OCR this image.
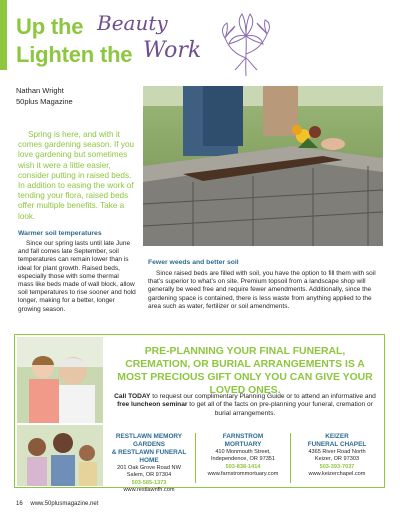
Up the Beauty
Lighten the Work
Nathan Wright
50plus Magazine

Spring is here, and with it comes gardening season. If you love gardening but sometimes wish it were a little easier, consider putting in raised beds. In addition to easing the work of tending your flora, raised beds offer multiple benefits. Take a look.

Warmer soil temperatures

Since our spring lasts until late June and fall comes late September, soil temperatures can remain lower than is ideal for plant growth. Raised beds, especially those with some thermal mass like beds made of wall block, allow soil temperatures to rise sooner and hold longer, making for a better, longer growing season.

Fewer weeds and better soil

Since raised beds are filled with soil, you have the option to fill them with soil that’s superior to what’s on site. Premium topsoil from a landscape shop will generally be weed free and require fewer amendments. Additionally, since the gardening space is contained, there is less waste from anything applied to the area such as water, fertilizer or soil amendments.

PRE-PLANNING YOUR FINAL FUNERAL, CREMATION, OR BURIAL ARRANGEMENTS IS A MOST PRECIOUS GIFT ONLY YOU CAN GIVE YOUR LOVED ONES.
Call TODAY to request our complimentary Planning Guide or to attend an informative and free luncheon seminar to get all of the facts on pre-planning your funeral, cremation or burial arrangements.
RESTLAWN MEMORY GARDENS
& RESTLAWN FUNERAL HOME
201 Oak Grove Road NW
Salem, OR 97304
503-585-1373
www.restlawnfh.com
FARNSTROM
MORTUARY
410 Monmouth Street,
Independence, OR 97351
503-838-1414
www.farnstrommortuary.com
KEIZER
FUNERAL CHAPEL
4365 River Road North
Keizer, OR 97303
503-393-7037
www.keizerchapel.com
16 www.50plusmagazine.net
